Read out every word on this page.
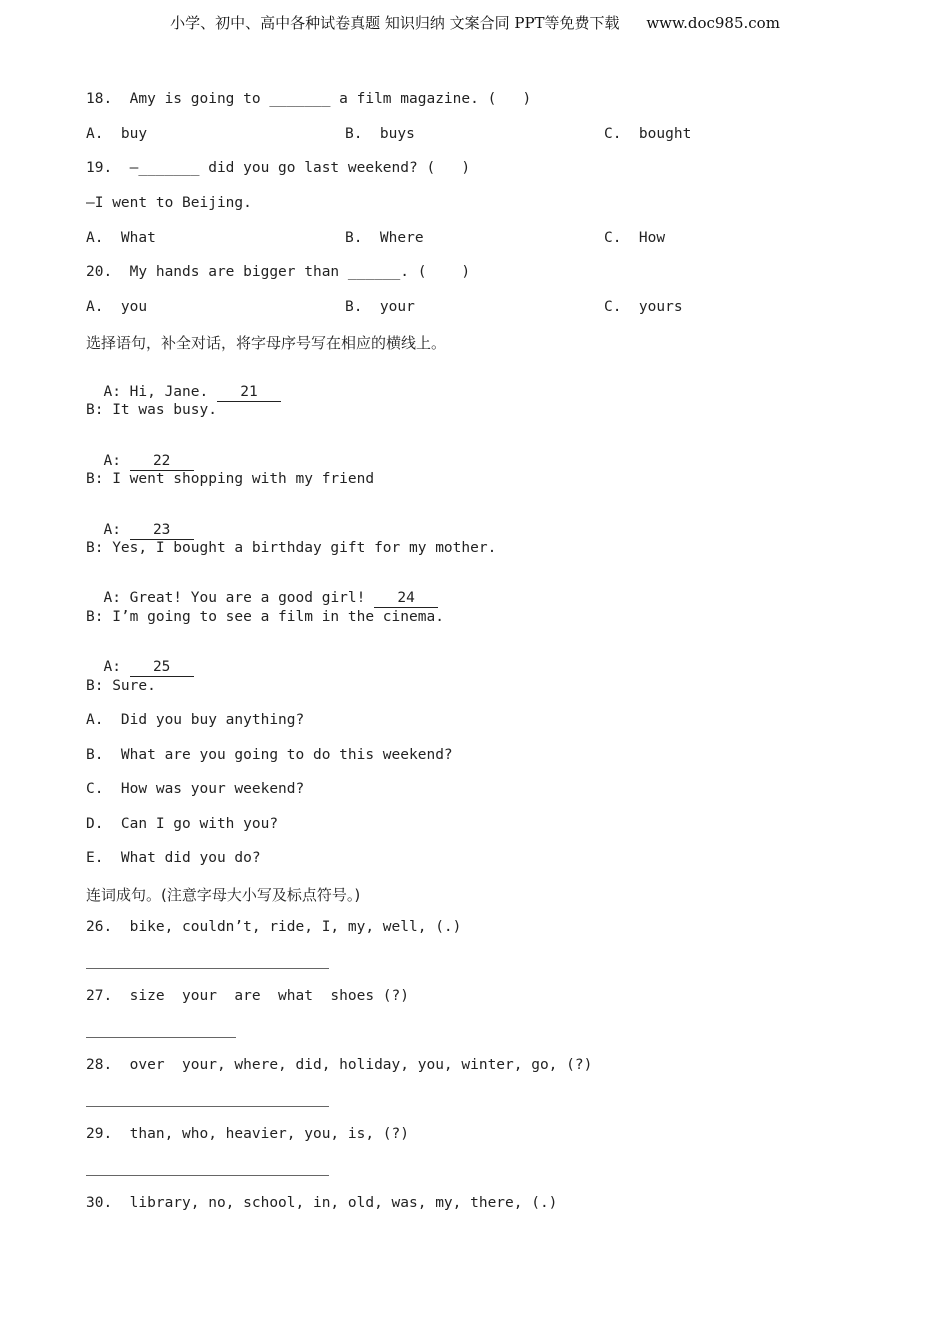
小学、初中、高中各种试卷真题 知识归纳 文案合同 PPT等免费下载 www.doc985.com
18.  Amy is going to _______ a film magazine. (   )
A.  buy	B.  buys	C.  bought
19.  —_______ did you go last weekend? (   )
—I went to Beijing.
A.  What	B.  Where	C.  How
20.  My hands are bigger than ______. (    )
A.  you	B.  your	C.  yours
选择语句，补全对话，将字母序号写在相应的横线上。

A: Hi, Jane. 21

B: It was busy.

A: 22

B: I went shopping with my friend

A: 23

B: Yes, I bought a birthday gift for my mother.

A: Great! You are a good girl! 24

B: I’m going to see a film in the cinema.

A: 25

B: Sure.
A.  Did you buy anything?
B.  What are you going to do this weekend?
C.  How was your weekend?
D.  Can I go with you?
E.  What did you do?
连词成句。(注意字母大小写及标点符号。)
26.  bike, couldn’t, ride, I, my, well, (.)
27.  size  your  are  what  shoes (?)
28.  over  your, where, did, holiday, you, winter, go, (?)
29.  than, who, heavier, you, is, (?)
30.  library, no, school, in, old, was, my, there, (.)
